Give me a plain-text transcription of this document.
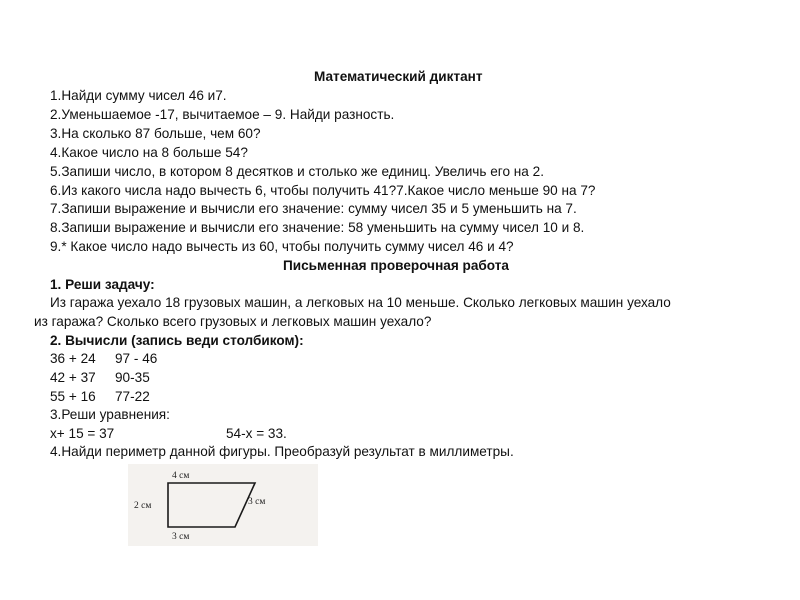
Математический диктант
1.Найди сумму чисел 46 и7.
2.Уменьшаемое -17, вычитаемое – 9. Найди разность.
3.На сколько 87 больше, чем 60?
4.Какое число на 8 больше 54?
5.Запиши число, в котором 8 десятков и столько же единиц. Увеличь его на 2.
6.Из какого числа надо вычесть 6, чтобы получить 41?7.Какое число меньше 90 на 7?
7.Запиши выражение и вычисли его значение: сумму чисел 35 и 5 уменьшить на 7.
8.Запиши выражение и вычисли его значение: 58 уменьшить на сумму чисел 10 и 8.
9.* Какое число надо вычесть из 60, чтобы получить сумму чисел 46 и 4?
Письменная проверочная работа
1. Реши задачу:
Из гаража уехало 18 грузовых машин, а легковых на 10 меньше. Сколько легковых машин уехало
из гаража? Сколько всего грузовых и легковых машин уехало?
2. Вычисли (запись веди столбиком):
36 + 24 97 - 46
42 + 37 90-35
55 + 16 77-22
3.Реши уравнения:
x+ 15 = 37	54-x = 33.
4.Найди периметр данной фигуры. Преобразуй результат в миллиметры.
4 см
2 см	3 см
3 см
